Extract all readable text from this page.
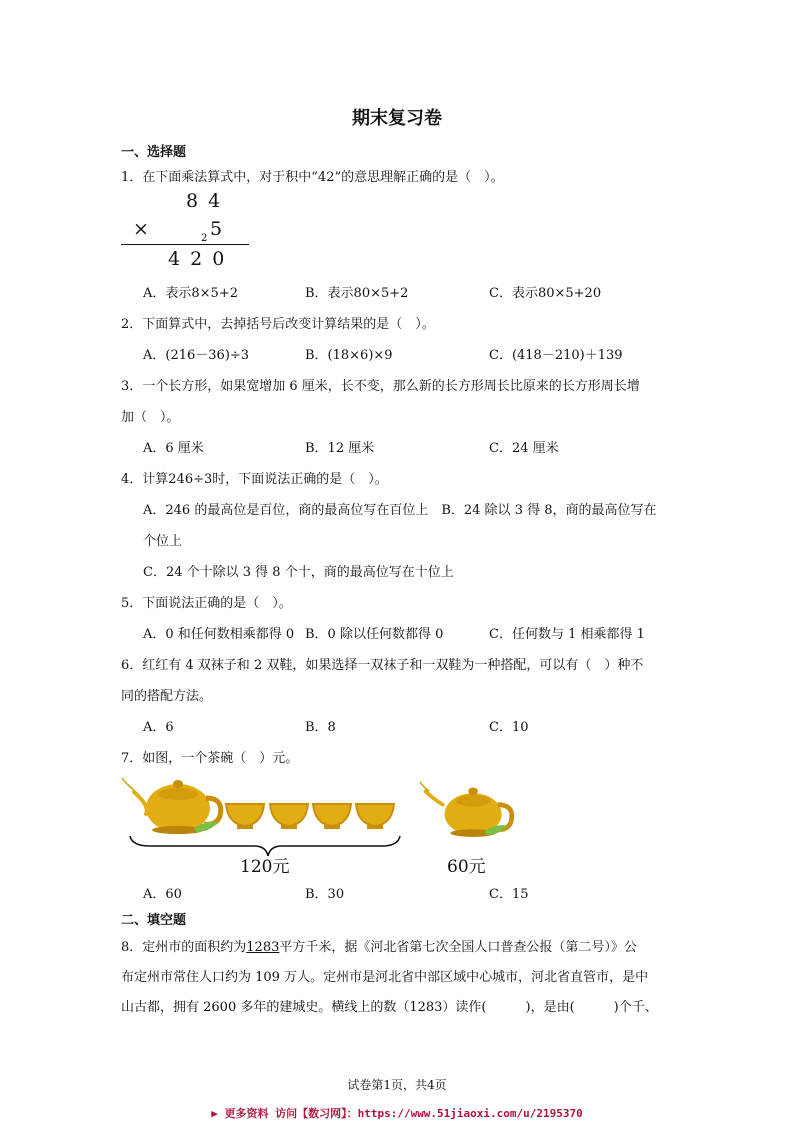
期末复习卷
一、选择题
1．在下面乘法算式中，对于积中“42”的意思理解正确的是（　）。
8 4
×	2 5
4 2 0
A．表示8×5+2	B．表示80×5+2	C．表示80×5+20
2．下面算式中，去掉括号后改变计算结果的是（　）。
A．(216－36)÷3	B．(18×6)×9	C．(418－210)＋139
3．一个长方形，如果宽增加 6 厘米，长不变，那么新的长方形周长比原来的长方形周长增
加（　）。
A．6 厘米	B．12 厘米	C．24 厘米
4．计算246÷3时，下面说法正确的是（　）。
A．246 的最高位是百位，商的最高位写在百位上　B．24 除以 3 得 8，商的最高位写在
个位上
C．24 个十除以 3 得 8 个十，商的最高位写在十位上
5．下面说法正确的是（　）。
A．0 和任何数相乘都得 0 B．0 除以任何数都得 0	C．任何数与 1 相乘都得 1
6．红红有 4 双袜子和 2 双鞋，如果选择一双袜子和一双鞋为一种搭配，可以有（　）种不
同的搭配方法。
A．6	B．8	C．10
7．如图，一个茶碗（　）元。
120元	60元
A．60	B．30	C．15
二、填空题
8．定州市的面积约为1283平方千米，据《河北省第七次全国人口普查公报（第二号）》公
布定州市常住人口约为 109 万人。定州市是河北省中部区域中心城市，河北省直管市，是中
山古都，拥有 2600 多年的建城史。横线上的数（1283）读作(　　　)，是由(　　　)个千、
试卷第1页，共4页
▶ 更多资料 访问【数习网】：https://www.51jiaoxi.com/u/2195370
